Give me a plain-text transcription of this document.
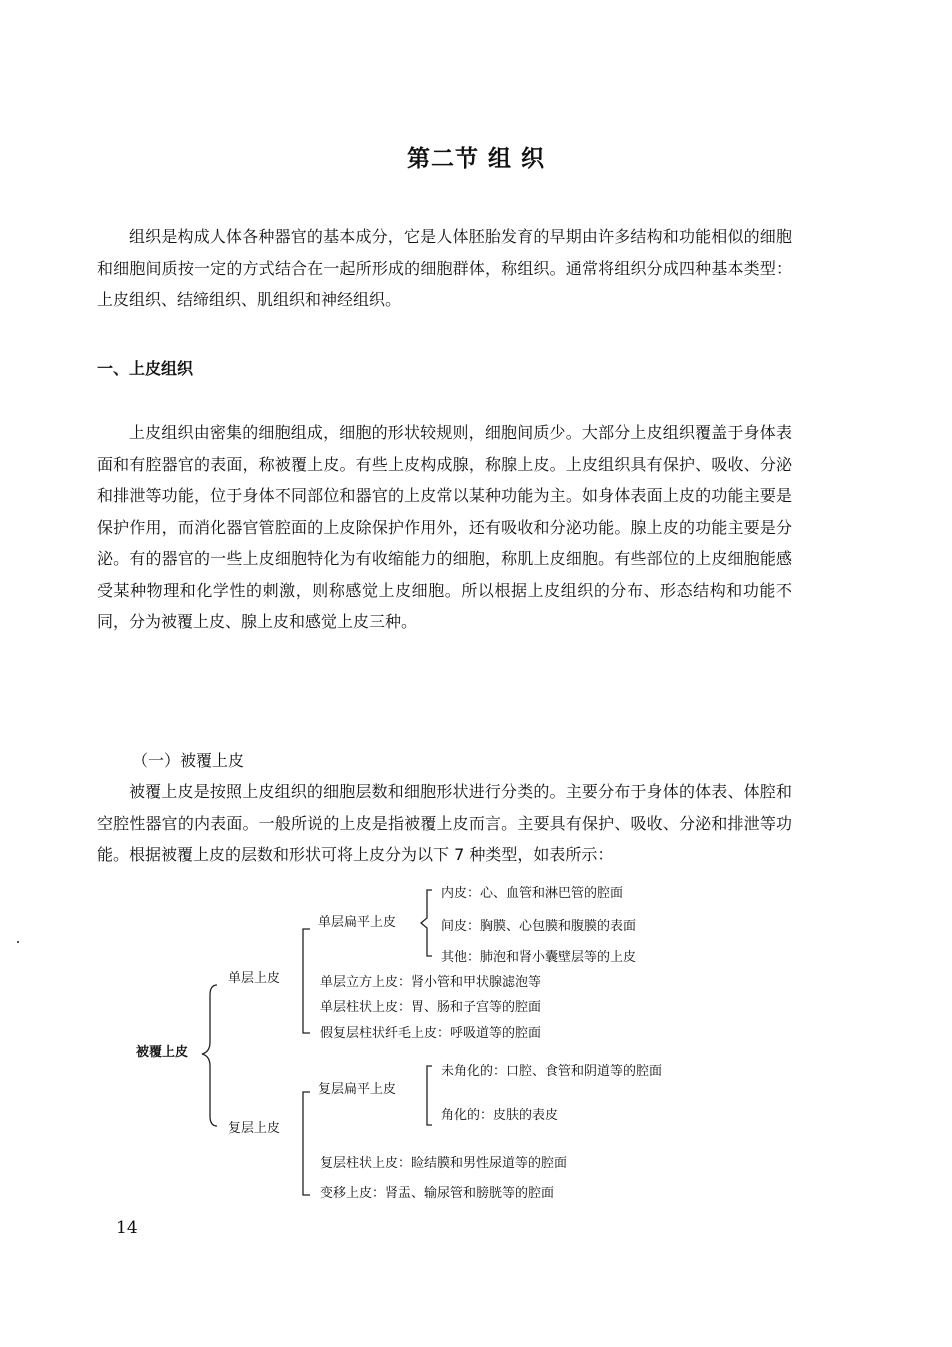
第二节 组 织

组织是构成人体各种器官的基本成分，它是人体胚胎发育的早期由许多结构和功能相似的细胞和细胞间质按一定的方式结合在一起所形成的细胞群体，称组织。通常将组织分成四种基本类型：上皮组织、结缔组织、肌组织和神经组织。

一、上皮组织

上皮组织由密集的细胞组成，细胞的形状较规则，细胞间质少。大部分上皮组织覆盖于身体表面和有腔器官的表面，称被覆上皮。有些上皮构成腺，称腺上皮。上皮组织具有保护、吸收、分泌和排泄等功能，位于身体不同部位和器官的上皮常以某种功能为主。如身体表面上皮的功能主要是保护作用，而消化器官管腔面的上皮除保护作用外，还有吸收和分泌功能。腺上皮的功能主要是分泌。有的器官的一些上皮细胞特化为有收缩能力的细胞，称肌上皮细胞。有些部位的上皮细胞能感受某种物理和化学性的刺激，则称感觉上皮细胞。所以根据上皮组织的分布、形态结构和功能不同，分为被覆上皮、腺上皮和感觉上皮三种。

（一）被覆上皮

被覆上皮是按照上皮组织的细胞层数和细胞形状进行分类的。主要分布于身体的体表、体腔和空腔性器官的内表面。一般所说的上皮是指被覆上皮而言。主要具有保护、吸收、分泌和排泄等功能。根据被覆上皮的层数和形状可将上皮分为以下 7 种类型，如表所示：

被覆上皮
单层上皮
复层上皮
单层扁平上皮
内皮：心、血管和淋巴管的腔面
间皮：胸膜、心包膜和腹膜的表面
其他：肺泡和肾小囊壁层等的上皮
单层立方上皮：肾小管和甲状腺滤泡等
单层柱状上皮：胃、肠和子宫等的腔面
假复层柱状纤毛上皮：呼吸道等的腔面
复层扁平上皮
未角化的：口腔、食管和阴道等的腔面
角化的：皮肤的表皮
复层柱状上皮：睑结膜和男性尿道等的腔面
变移上皮：肾盂、输尿管和膀胱等的腔面
14
